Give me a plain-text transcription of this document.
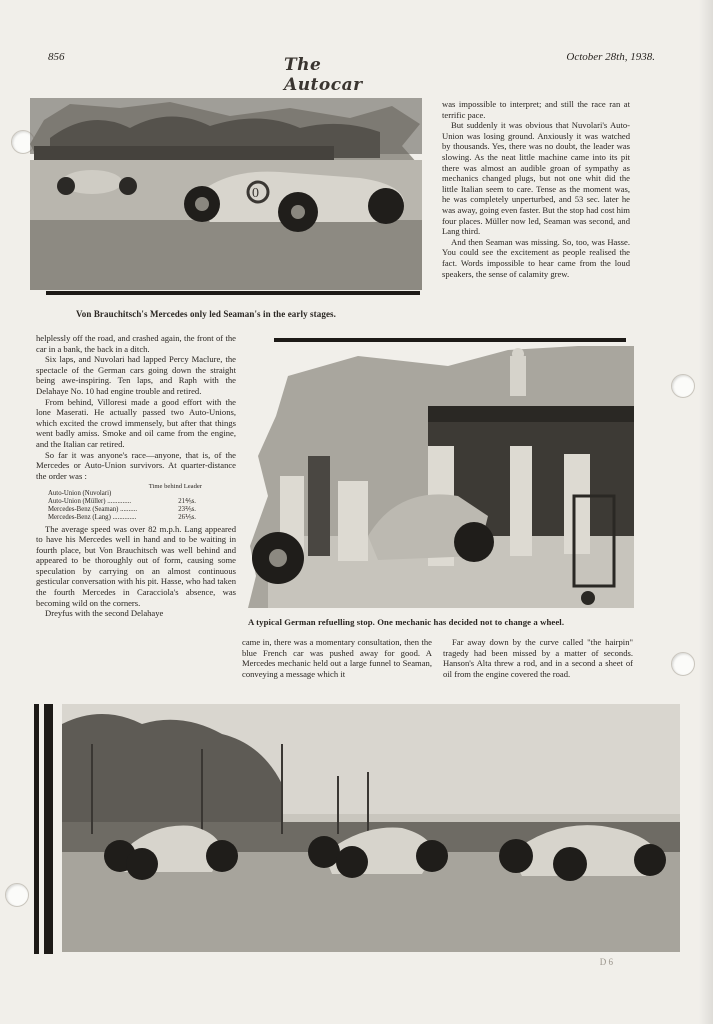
856	The Autocar
October 28th, 1938.
0
Von Brauchitsch's Mercedes only led Seaman's in the early stages.

was impossible to interpret; and still the race ran at terrific pace.

But suddenly it was obvious that Nuvolari's Auto-Union was losing ground. Anxiously it was watched by thousands. Yes, there was no doubt, the leader was slowing. As the neat little machine came into its pit there was almost an audible groan of sympathy as mechanics changed plugs, but not one whit did the little Italian seem to care. Tense as the moment was, he was completely unperturbed, and 53 sec. later he was away, going even faster. But the stop had cost him four places. Müller now led, Seaman was second, and Lang third.

And then Seaman was missing. So, too, was Hasse. You could see the excitement as people realised the fact. Words impossible to hear came from the loud speakers, the sense of calamity grew.

helplessly off the road, and crashed again, the front of the car in a bank, the back in a ditch.

Six laps, and Nuvolari had lapped Percy Maclure, the spectacle of the German cars going down the straight being awe-inspiring. Ten laps, and Raph with the Delahaye No. 10 had engine trouble and retired.

From behind, Villoresi made a good effort with the lone Maserati. He actually passed two Auto-Unions, which excited the crowd immensely, but after that things went badly amiss. Smoke and oil came from the engine, and the Italian car retired.

So far it was anyone's race—anyone, that is, of the Mercedes or Auto-Union survivors. At quarter-distance the order was :

Time behind Leader
Auto-Union (Nuvolari)
Auto-Union (Müller) ..............	21⅘s.
Mercedes-Benz (Seaman) ..........	23⅖s.
Mercedes-Benz (Lang) ..............	26⅕s.

The average speed was over 82 m.p.h. Lang appeared to have his Mercedes well in hand and to be waiting in fourth place, but Von Brauchitsch was well behind and appeared to be thoroughly out of form, causing some speculation by carrying on an almost continuous gesticular conversation with his pit. Hasse, who had taken the fourth Mercedes in Caracciola's absence, was becoming wild on the corners.

Dreyfus with the second Delahaye

A typical German refuelling stop. One mechanic has decided not to change a wheel.

came in, there was a momentary consultation, then the blue French car was pushed away for good. A Mercedes mechanic held out a large funnel to Seaman, conveying a message which it

Far away down by the curve called "the hairpin" tragedy had been missed by a matter of seconds. Hanson's Alta threw a rod, and in a second a sheet of oil from the engine covered the road.

D 6
